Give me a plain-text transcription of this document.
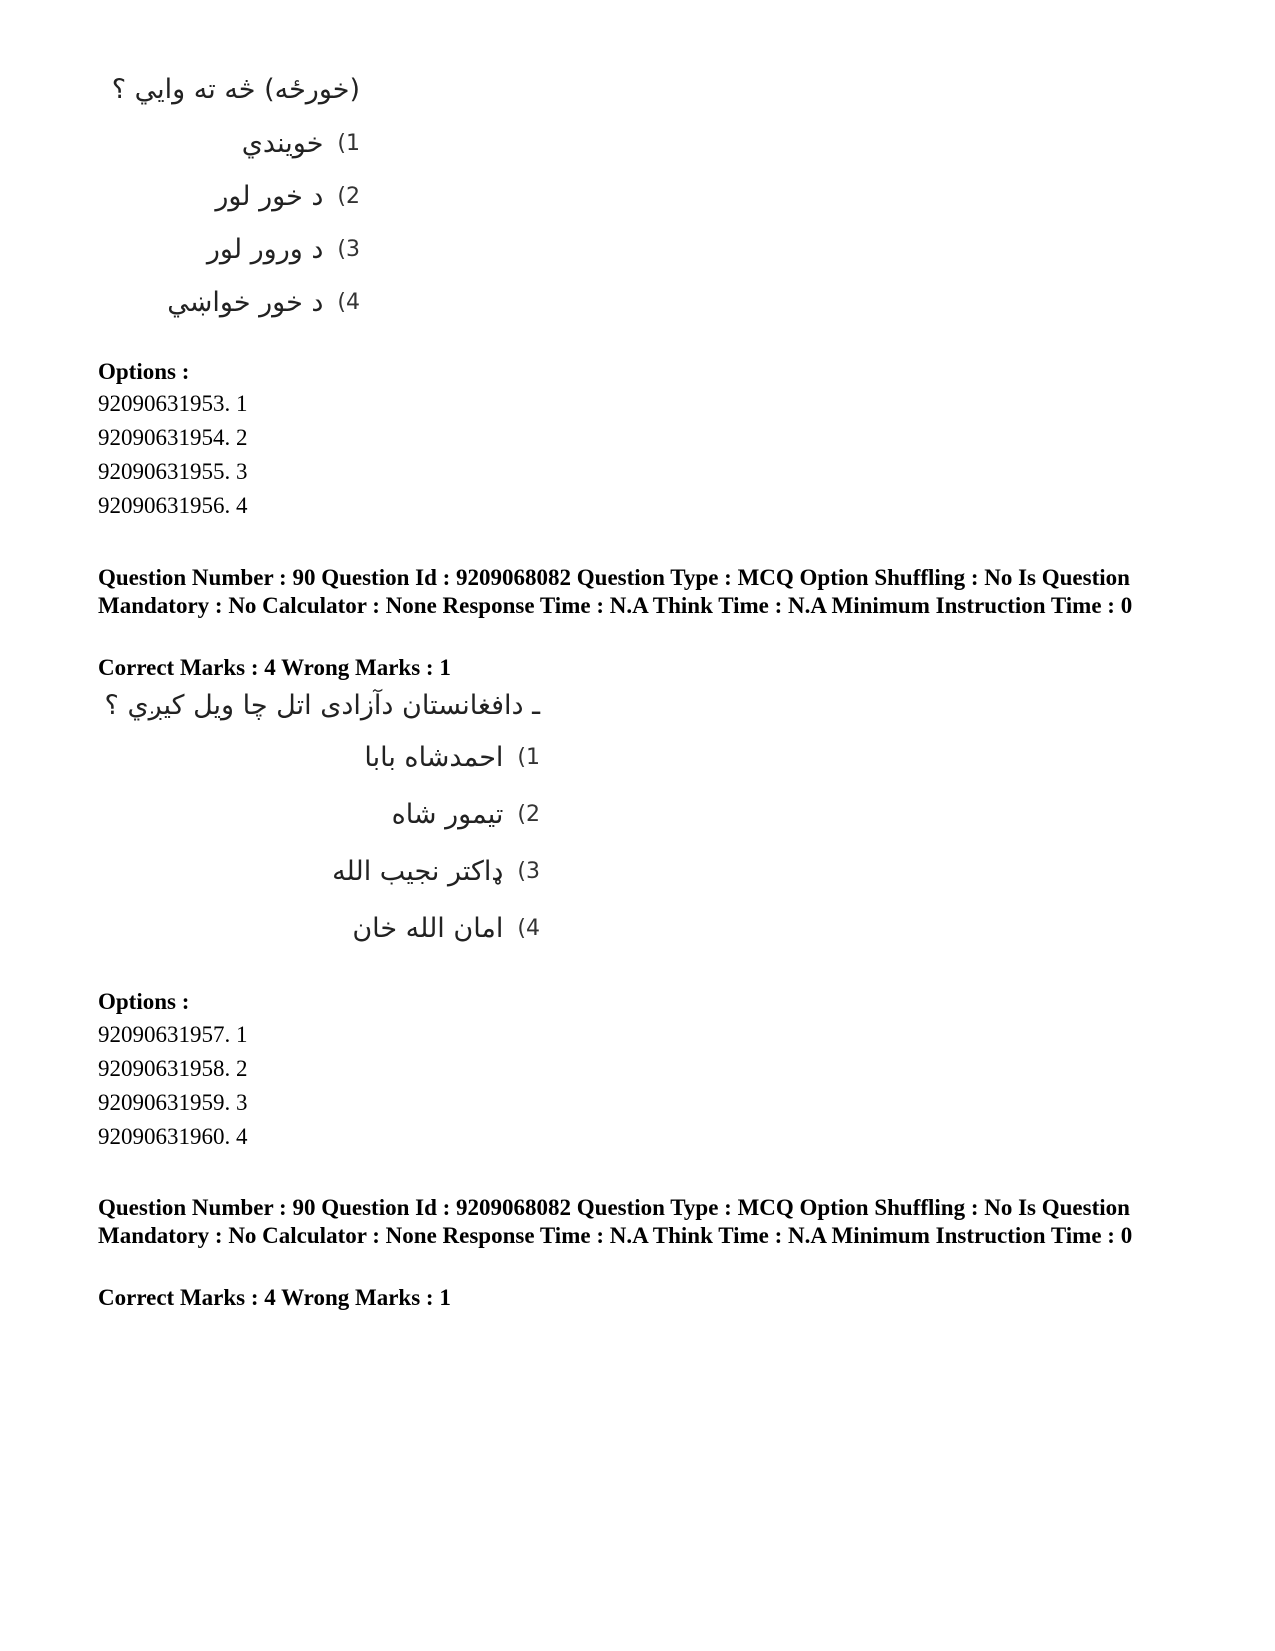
(خورځه) څه ته وايي ؟
(1
خويندي
(2
د خور لور
(3
د ورور لور
(4
د خور خواښي
Options :
92090631953. 1
92090631954. 2
92090631955. 3
92090631956. 4
Question Number : 90 Question Id : 9209068082 Question Type : MCQ Option Shuffling : No Is Question Mandatory : No Calculator : None Response Time : N.A Think Time : N.A Minimum Instruction Time : 0
Correct Marks : 4 Wrong Marks : 1
ـ دافغانستان دآزادی اتل چا ویل کیږي ؟
(1
احمدشاه بابا
(2
تیمور شاه
(3
ډاکتر نجیب الله
(4
امان الله خان
Options :
92090631957. 1
92090631958. 2
92090631959. 3
92090631960. 4
Question Number : 90 Question Id : 9209068082 Question Type : MCQ Option Shuffling : No Is Question Mandatory : No Calculator : None Response Time : N.A Think Time : N.A Minimum Instruction Time : 0
Correct Marks : 4 Wrong Marks : 1
